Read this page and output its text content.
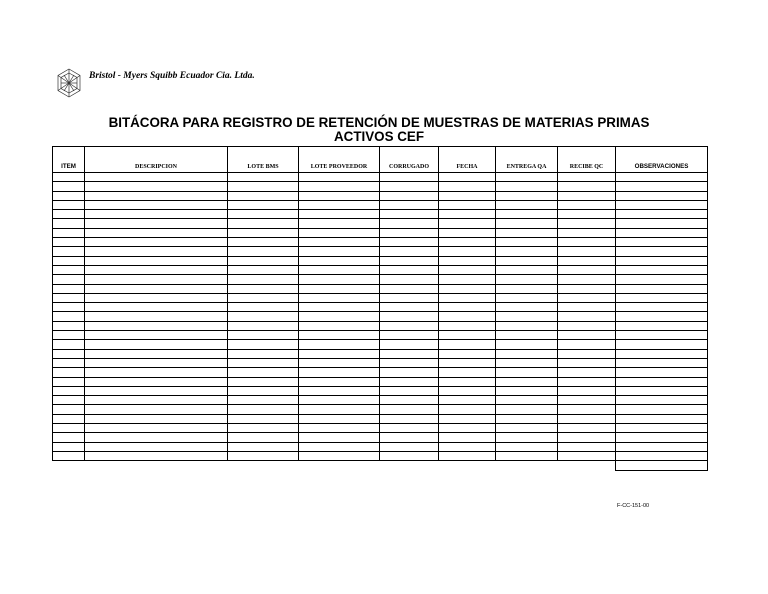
Bristol - Myers Squibb Ecuador Cia. Ltda.
BITÁCORA PARA REGISTRO DE RETENCIÓN DE MUESTRAS DE MATERIAS PRIMAS
ACTIVOS CEF
ITEM	DESCRIPCION	LOTE BMS	LOTE PROVEEDOR	CORRUGADO	FECHA	ENTREGA QA	RECIBE QC	OBSERVACIONES

F-CC-151-00
